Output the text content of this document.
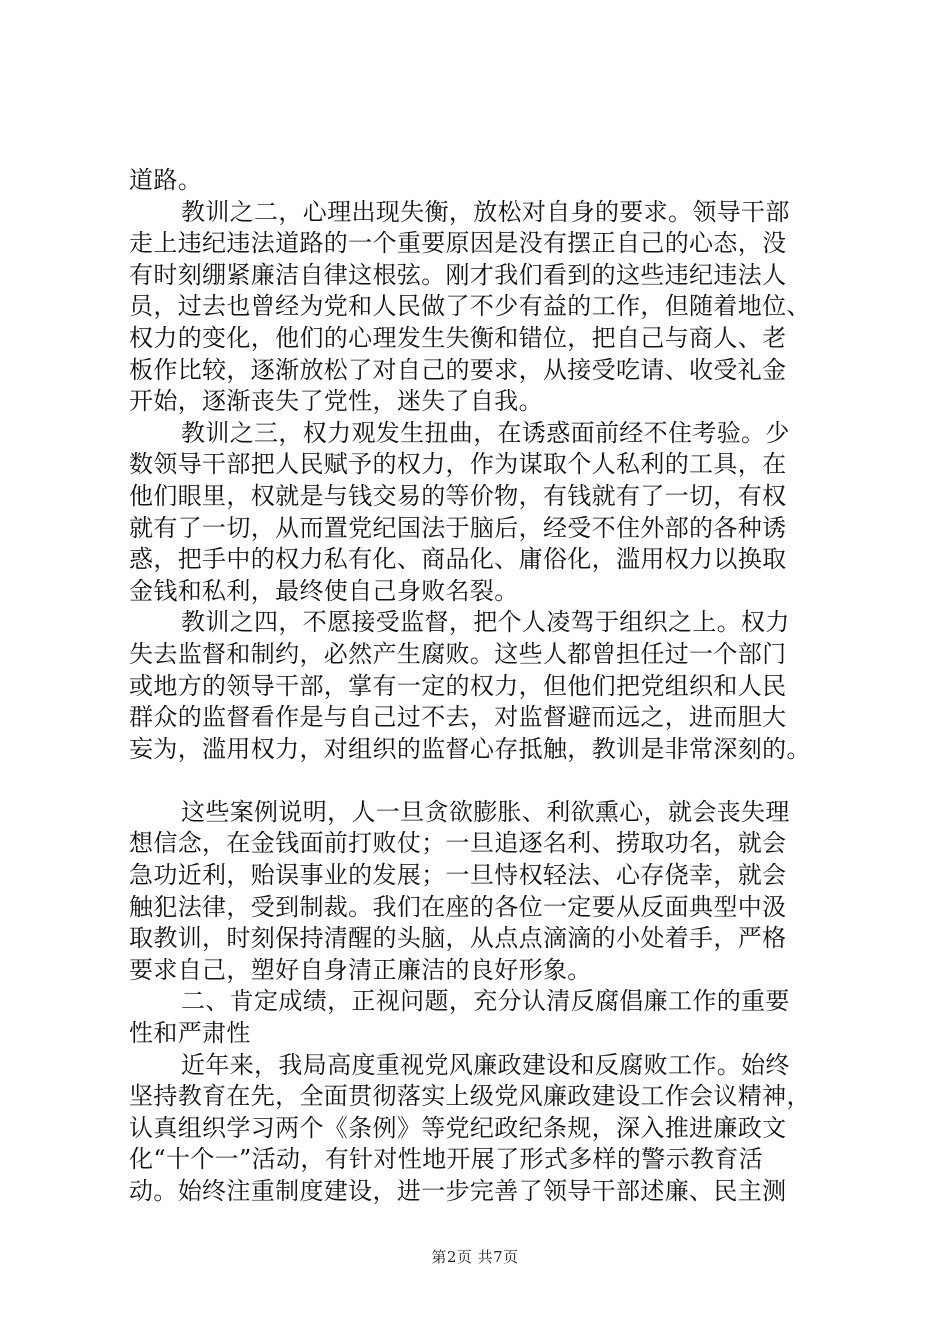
道路。
教训之二，心理出现失衡，放松对自身的要求。领导干部
走上违纪违法道路的一个重要原因是没有摆正自己的心态，没
有时刻绷紧廉洁自律这根弦。刚才我们看到的这些违纪违法人
员，过去也曾经为党和人民做了不少有益的工作，但随着地位、
权力的变化，他们的心理发生失衡和错位，把自己与商人、老
板作比较，逐渐放松了对自己的要求，从接受吃请、收受礼金
开始，逐渐丧失了党性，迷失了自我。
教训之三，权力观发生扭曲，在诱惑面前经不住考验。少
数领导干部把人民赋予的权力，作为谋取个人私利的工具，在
他们眼里，权就是与钱交易的等价物，有钱就有了一切，有权
就有了一切，从而置党纪国法于脑后，经受不住外部的各种诱
惑，把手中的权力私有化、商品化、庸俗化，滥用权力以换取
金钱和私利，最终使自己身败名裂。
教训之四，不愿接受监督，把个人凌驾于组织之上。权力
失去监督和制约，必然产生腐败。这些人都曾担任过一个部门
或地方的领导干部，掌有一定的权力，但他们把党组织和人民
群众的监督看作是与自己过不去，对监督避而远之，进而胆大
妄为，滥用权力，对组织的监督心存抵触，教训是非常深刻的。
这些案例说明，人一旦贪欲膨胀、利欲熏心，就会丧失理
想信念，在金钱面前打败仗；一旦追逐名利、捞取功名，就会
急功近利，贻误事业的发展；一旦恃权轻法、心存侥幸，就会
触犯法律，受到制裁。我们在座的各位一定要从反面典型中汲
取教训，时刻保持清醒的头脑，从点点滴滴的小处着手，严格
要求自己，塑好自身清正廉洁的良好形象。
二、肯定成绩，正视问题，充分认清反腐倡廉工作的重要
性和严肃性
近年来，我局高度重视党风廉政建设和反腐败工作。始终
坚持教育在先，全面贯彻落实上级党风廉政建设工作会议精神，
认真组织学习两个《条例》等党纪政纪条规，深入推进廉政文
化“十个一”活动，有针对性地开展了形式多样的警示教育活
动。始终注重制度建设，进一步完善了领导干部述廉、民主测
第2页 共7页
